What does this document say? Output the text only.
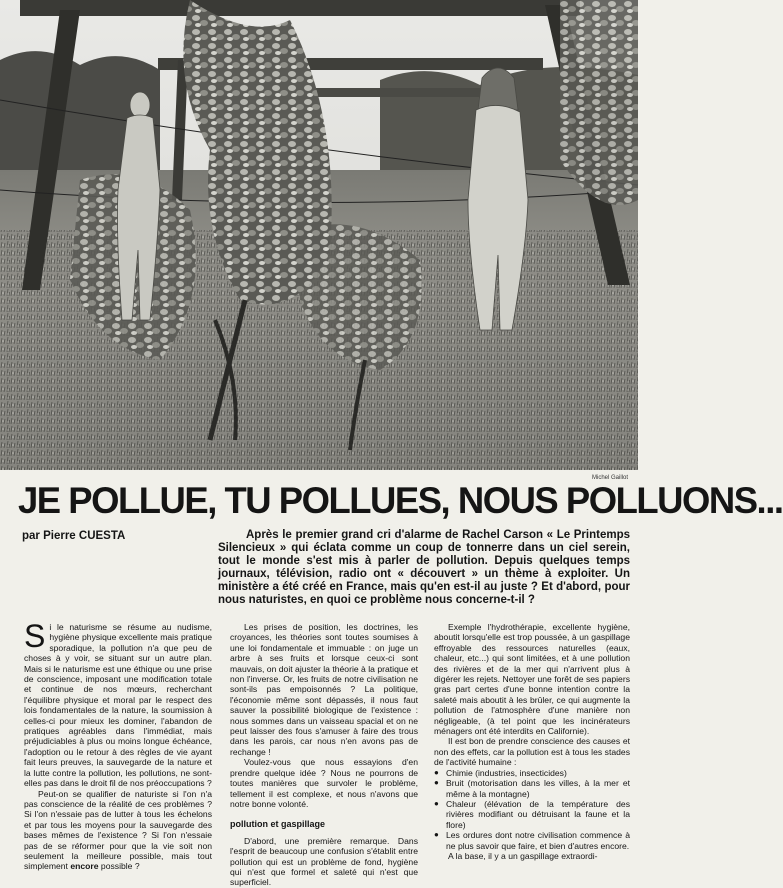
Michel Gaillot
JE POLLUE, TU POLLUES, NOUS POLLUONS...
par Pierre CUESTA	Après le premier grand cri d'alarme de Rachel Carson « Le Printemps Silencieux » qui éclata comme un coup de tonnerre dans un ciel serein, tout le monde s'est mis à parler de pollution. Depuis quelques temps journaux, télévision, radio ont « découvert » un thème à exploiter. Un ministère a été créé en France, mais qu'en est-il au juste ? Et d'abord, pour nous naturistes, en quoi ce problème nous concerne-t-il ?

Si le naturisme se résume au nudisme, hygiène physique excellente mais pratique sporadique, la pollution n'a que peu de choses à y voir, se situant sur un autre plan. Mais si le naturisme est une éthique ou une prise de conscience, imposant une modification totale et continue de nos mœurs, recherchant l'équilibre physique et moral par le respect des lois fondamentales de la nature, la soumission à celles-ci pour mieux les dominer, l'abandon de pratiques agréables dans l'immédiat, mais préjudiciables à plus ou moins longue échéance, l'adoption ou le retour à des règles de vie ayant fait leurs preuves, la sauvegarde de la nature et la lutte contre la pollution, les pollutions, ne sont-elles pas dans le droit fil de nos préoccupations ?

Peut-on se qualifier de naturiste si l'on n'a pas conscience de la réalité de ces problèmes ? Si l'on n'essaie pas de lutter à tous les échelons et par tous les moyens pour la sauvegarde des bases mêmes de l'existence ? Si l'on n'essaie pas de se réformer pour que la vie soit non seulement la meilleure possible, mais tout simplement encore possible ?

Les prises de position, les doctrines, les croyances, les théories sont toutes soumises à une loi fondamentale et immuable : on juge un arbre à ses fruits et lorsque ceux-ci sont mauvais, on doit ajuster la théorie à la pratique et non l'inverse. Or, les fruits de notre civilisation ne sont-ils pas empoisonnés ? La politique, l'économie même sont dépassés, il nous faut sauver la possibilité biologique de l'existence : nous sommes dans un vaisseau spacial et on ne peut laisser des fous s'amuser à faire des trous dans les parois, car nous n'en avons pas de rechange !

Voulez-vous que nous essayions d'en prendre quelque idée ? Nous ne pourrons de toutes manières que survoler le problème, tellement il est complexe, et nous n'avons que notre bonne volonté.

pollution et gaspillage

D'abord, une première remarque. Dans l'esprit de beaucoup une confusion s'établit entre pollution qui est un problème de fond, hygiène qui n'est que formel et saleté qui n'est que superficiel.

Exemple l'hydrothérapie, excellente hygiène, aboutit lorsqu'elle est trop poussée, à un gaspillage effroyable des ressources naturelles (eaux, chaleur, etc...) qui sont limitées, et à une pollution des rivières et de la mer qui n'arrivent plus à digérer les rejets. Nettoyer une forêt de ses papiers gras part certes d'une bonne intention contre la saleté mais aboutit à les brûler, ce qui augmente la pollution de l'atmosphère d'une manière non négligeable, (à tel point que les incinérateurs ménagers ont été interdits en Californie).

Il est bon de prendre conscience des causes et non des effets, car la pollution est à tous les stades de l'activité humaine :

● Chimie (industries, insecticides)

● Bruit (motorisation dans les villes, à la mer et même à la montagne)

● Chaleur (élévation de la température des rivières modifiant ou détruisant la faune et la flore)

● Les ordures dont notre civilisation commence à ne plus savoir que faire, et bien d'autres encore.

A la base, il y a un gaspillage extraordi-
